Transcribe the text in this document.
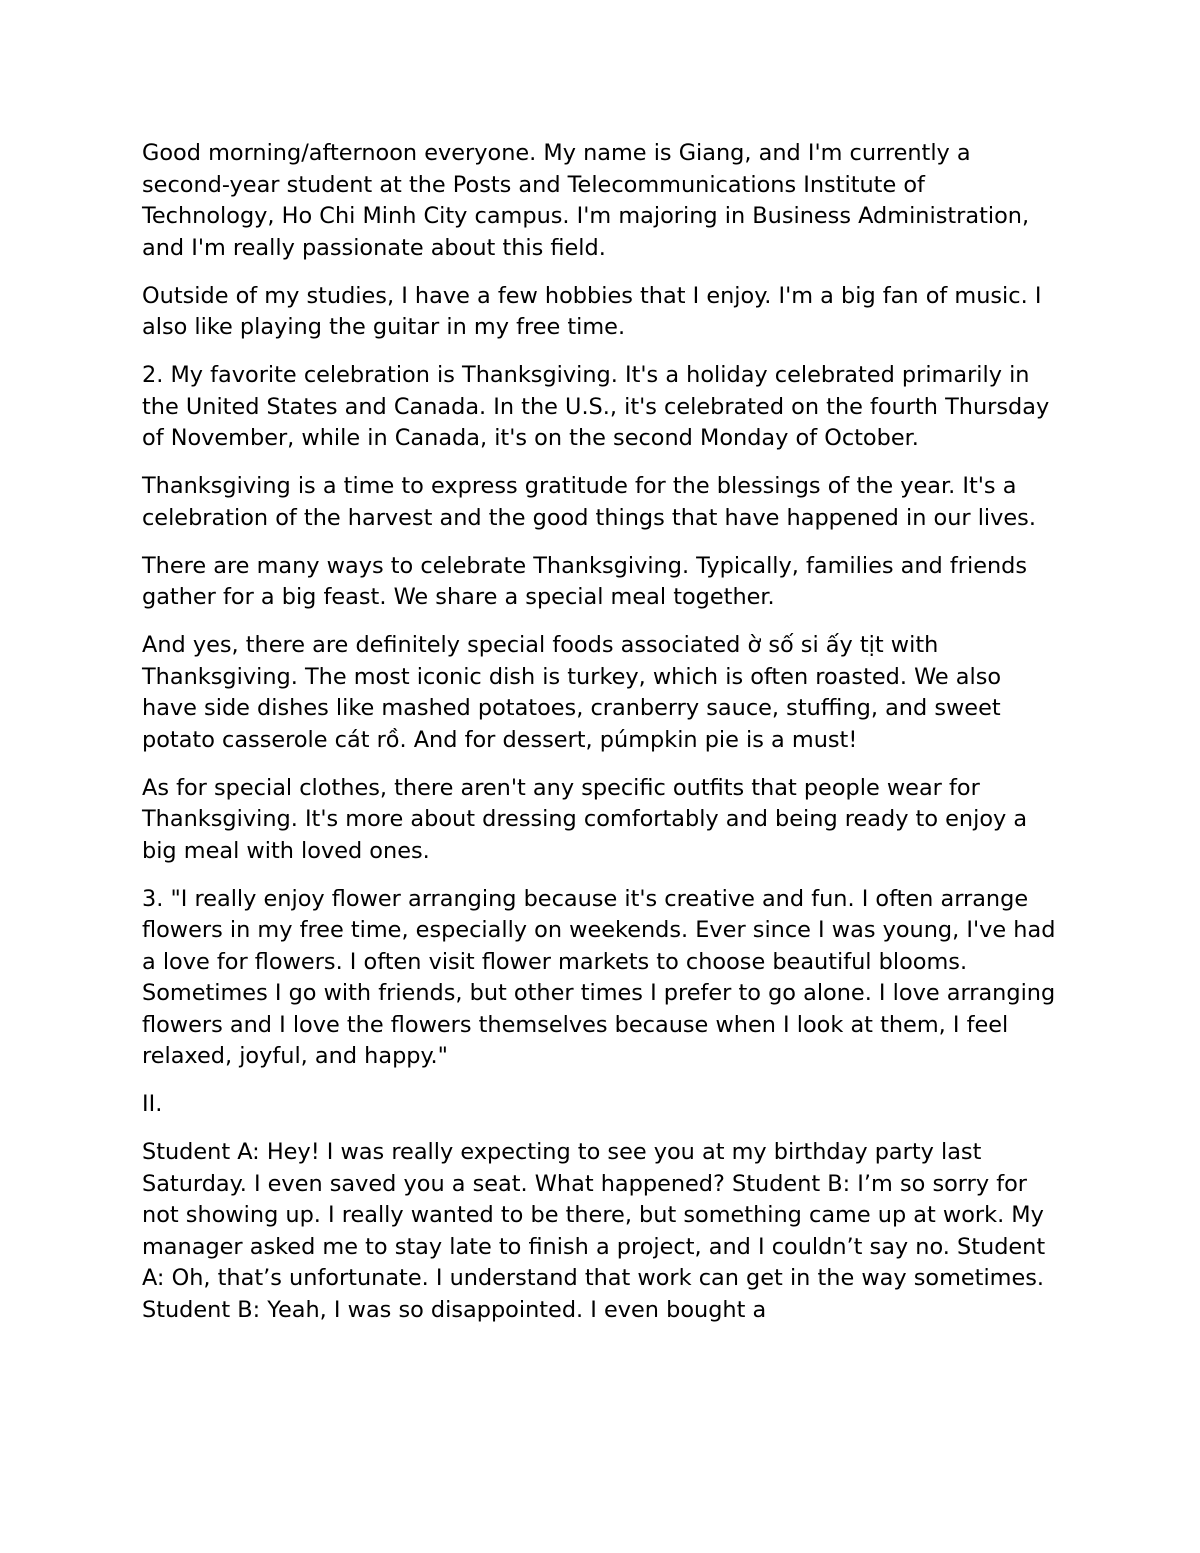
Good morning/afternoon everyone. My name is Giang, and I'm currently a second-year student at the Posts and Telecommunications Institute of Technology, Ho Chi Minh City campus. I'm majoring in Business Administration, and I'm really passionate about this field.

Outside of my studies, I have a few hobbies that I enjoy. I'm a big fan of music. I also like playing the guitar in my free time.

2. My favorite celebration is Thanksgiving. It's a holiday celebrated primarily in the United States and Canada. In the U.S., it's celebrated on the fourth Thursday of November, while in Canada, it's on the second Monday of October.

Thanksgiving is a time to express gratitude for the blessings of the year. It's a celebration of the harvest and the good things that have happened in our lives.

There are many ways to celebrate Thanksgiving. Typically, families and friends gather for a big feast. We share a special meal together.

And yes, there are definitely special foods associated ờ số si ấy tịt with Thanksgiving. The most iconic dish is turkey, which is often roasted. We also have side dishes like mashed potatoes, cranberry sauce, stuffing, and sweet potato casserole cát rồ. And for dessert, púmpkin pie is a must!

As for special clothes, there aren't any specific outfits that people wear for Thanksgiving. It's more about dressing comfortably and being ready to enjoy a big meal with loved ones.

3. "I really enjoy flower arranging because it's creative and fun. I often arrange flowers in my free time, especially on weekends. Ever since I was young, I've had a love for flowers. I often visit flower markets to choose beautiful blooms. Sometimes I go with friends, but other times I prefer to go alone. I love arranging flowers and I love the flowers themselves because when I look at them, I feel relaxed, joyful, and happy."

II.

Student A: Hey! I was really expecting to see you at my birthday party last Saturday. I even saved you a seat. What happened? Student B: I’m so sorry for not showing up. I really wanted to be there, but something came up at work. My manager asked me to stay late to finish a project, and I couldn’t say no. Student A: Oh, that’s unfortunate. I understand that work can get in the way sometimes. Student B: Yeah, I was so disappointed. I even bought a
